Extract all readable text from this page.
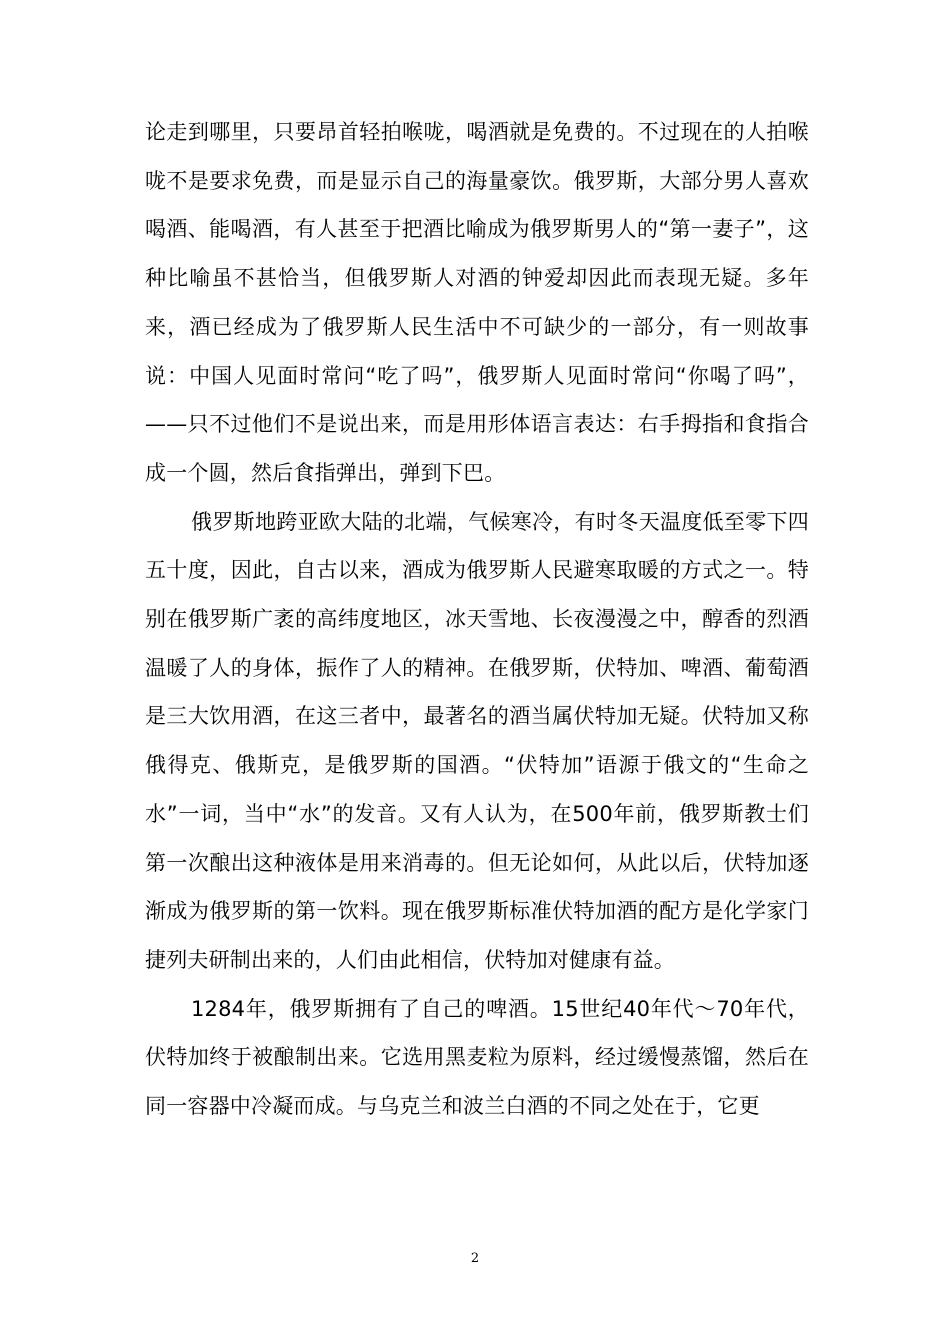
论走到哪里，只要昂首轻拍喉咙，喝酒就是免费的。不过现在的人拍喉咙不是要求免费，而是显示自己的海量豪饮。俄罗斯，大部分男人喜欢喝酒、能喝酒，有人甚至于把酒比喻成为俄罗斯男人的“第一妻子”，这种比喻虽不甚恰当，但俄罗斯人对酒的钟爱却因此而表现无疑。多年来，酒已经成为了俄罗斯人民生活中不可缺少的一部分，有一则故事说：中国人见面时常问“吃了吗”，俄罗斯人见面时常问“你喝了吗”，——只不过他们不是说出来，而是用形体语言表达：右手拇指和食指合成一个圆，然后食指弹出，弹到下巴。

俄罗斯地跨亚欧大陆的北端，气候寒冷，有时冬天温度低至零下四五十度，因此，自古以来，酒成为俄罗斯人民避寒取暖的方式之一。特别在俄罗斯广袤的高纬度地区，冰天雪地、长夜漫漫之中，醇香的烈酒温暖了人的身体，振作了人的精神。在俄罗斯，伏特加、啤酒、葡萄酒是三大饮用酒，在这三者中，最著名的酒当属伏特加无疑。伏特加又称俄得克、俄斯克，是俄罗斯的国酒。“伏特加”语源于俄文的“生命之水”一词，当中“水”的发音。又有人认为，在500年前，俄罗斯教士们第一次酿出这种液体是用来消毒的。但无论如何，从此以后，伏特加逐渐成为俄罗斯的第一饮料。现在俄罗斯标准伏特加酒的配方是化学家门捷列夫研制出来的，人们由此相信，伏特加对健康有益。

1284年，俄罗斯拥有了自己的啤酒。15世纪40年代～70年代，伏特加终于被酿制出来。它选用黑麦粒为原料，经过缓慢蒸馏，然后在同一容器中冷凝而成。与乌克兰和波兰白酒的不同之处在于，它更

2
